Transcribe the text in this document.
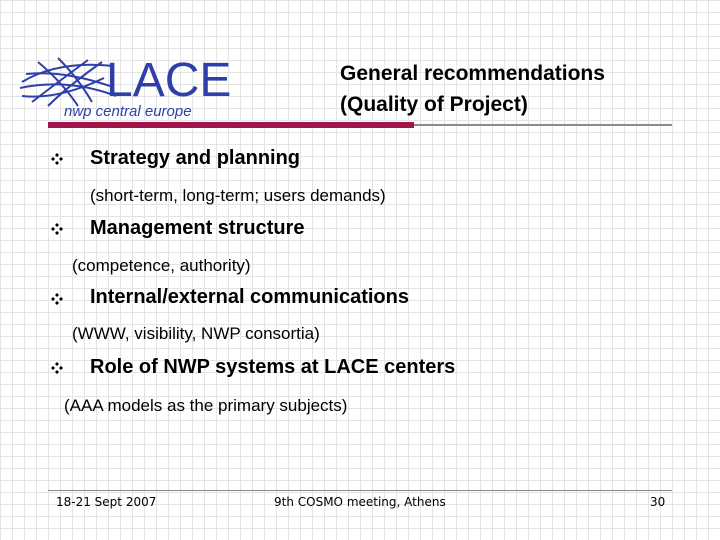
LACE
nwp central europe
General recommendations
(Quality of Project)
Strategy and planning
(short-term, long-term; users demands)
Management structure
(competence, authority)
Internal/external communications
(WWW, visibility, NWP consortia)
Role of NWP systems at LACE centers
(AAA models as the primary subjects)
18-21 Sept 2007	9th COSMO meeting, Athens	30
